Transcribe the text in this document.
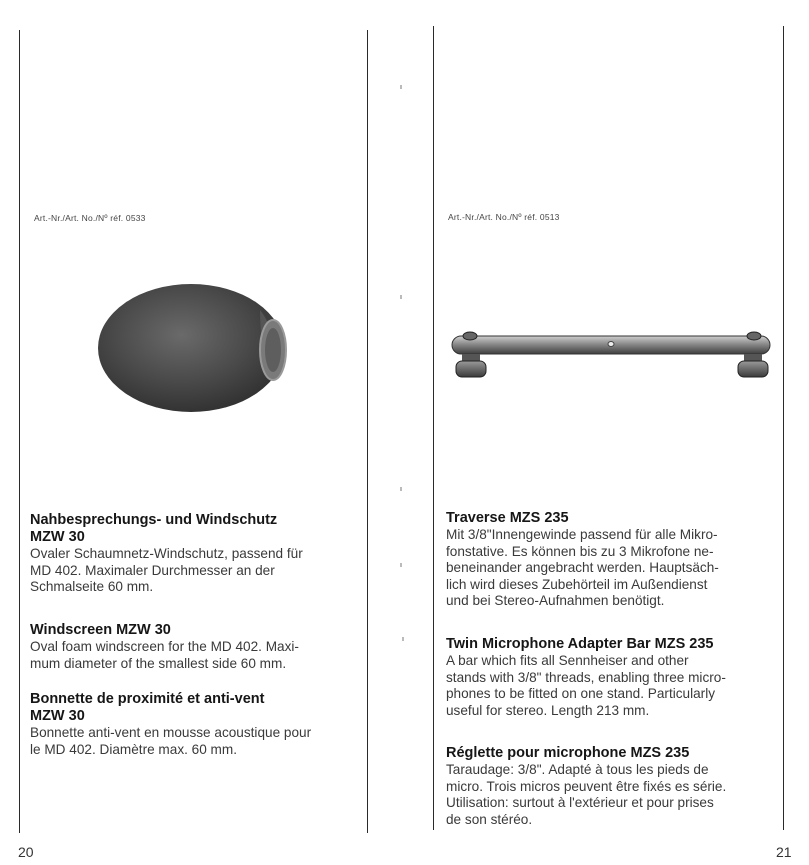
Art.-Nr./Art. No./Nº réf. 0533

Nahbesprechungs- und Windschutz

MZW 30

Ovaler Schaumnetz-Windschutz, passend für

MD 402. Maximaler Durchmesser an der

Schmalseite 60 mm.

Windscreen MZW 30

Oval foam windscreen for the MD 402. Maxi-

mum diameter of the smallest side 60 mm.

Bonnette de proximité et anti-vent

MZW 30

Bonnette anti-vent en mousse acoustique pour

le MD 402. Diamètre max. 60 mm.

20
Art.-Nr./Art. No./Nº réf. 0513

Traverse MZS 235

Mit 3/8"Innengewinde passend für alle Mikro-

fonstative. Es können bis zu 3 Mikrofone ne-

beneinander angebracht werden. Hauptsäch-

lich wird dieses Zubehörteil im Außendienst

und bei Stereo-Aufnahmen benötigt.

Twin Microphone Adapter Bar MZS 235

A bar which fits all Sennheiser and other

stands with 3/8" threads, enabling three micro-

phones to be fitted on one stand. Particularly

useful for stereo. Length 213 mm.

Réglette pour microphone MZS 235

Taraudage: 3/8". Adapté à tous les pieds de

micro. Trois micros peuvent être fixés es série.

Utilisation: surtout à l'extérieur et pour prises

de son stéréo.

21
